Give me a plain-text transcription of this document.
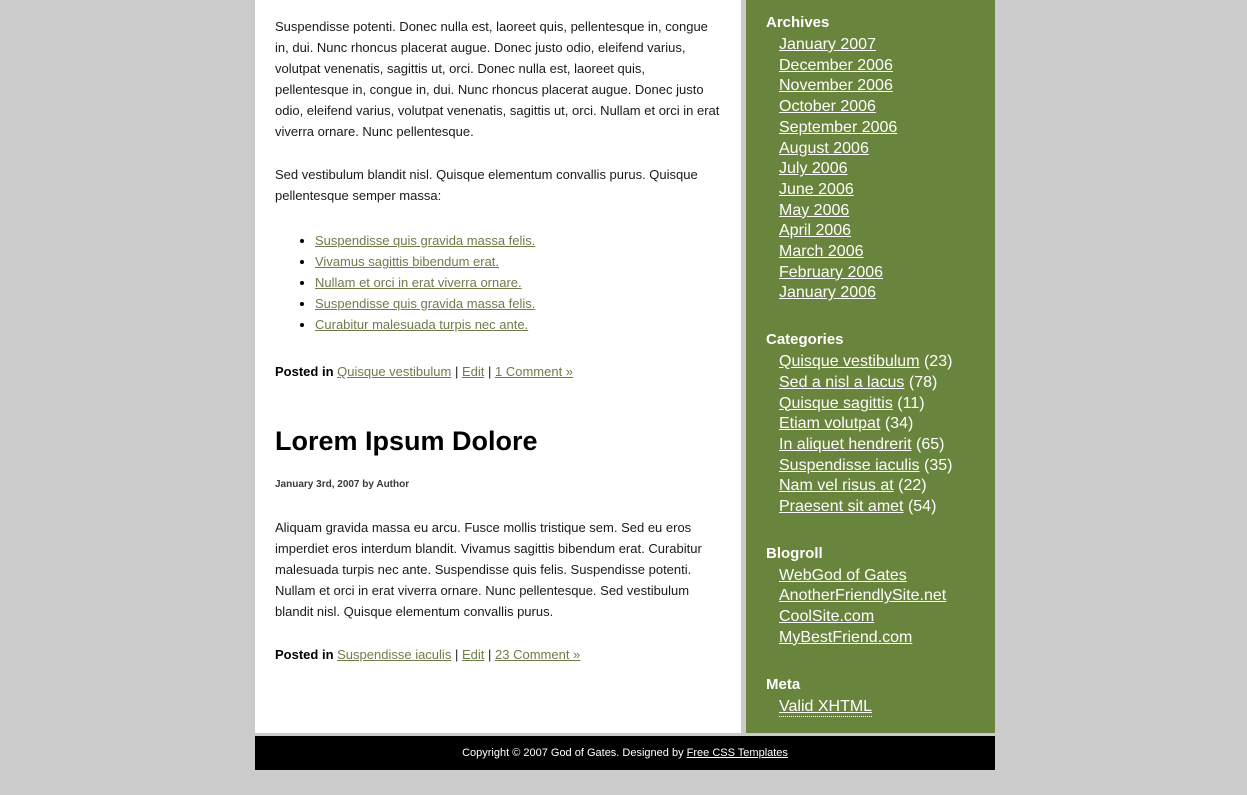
Suspendisse potenti. Donec nulla est, laoreet quis, pellentesque in, congue in, dui. Nunc rhoncus placerat augue. Donec justo odio, eleifend varius, volutpat venenatis, sagittis ut, orci. Donec nulla est, laoreet quis, pellentesque in, congue in, dui. Nunc rhoncus placerat augue. Donec justo odio, eleifend varius, volutpat venenatis, sagittis ut, orci. Nullam et orci in erat viverra ornare. Nunc pellentesque.

Sed vestibulum blandit nisl. Quisque elementum convallis purus. Quisque pellentesque semper massa:

• Suspendisse quis gravida massa felis.
• Vivamus sagittis bibendum erat.
• Nullam et orci in erat viverra ornare.
• Suspendisse quis gravida massa felis.
• Curabitur malesuada turpis nec ante.

Posted in Quisque vestibulum | Edit | 1 Comment »

Lorem Ipsum Dolore
January 3rd, 2007 by Author

Aliquam gravida massa eu arcu. Fusce mollis tristique sem. Sed eu eros imperdiet eros interdum blandit. Vivamus sagittis bibendum erat. Curabitur malesuada turpis nec ante. Suspendisse quis felis. Suspendisse potenti. Nullam et orci in erat viverra ornare. Nunc pellentesque. Sed vestibulum blandit nisl. Quisque elementum convallis purus.

Posted in Suspendisse iaculis | Edit | 23 Comment »

Archives
January 2007
December 2006
November 2006
October 2006
September 2006
August 2006
July 2006
June 2006
May 2006
April 2006
March 2006
February 2006
January 2006
Categories
Quisque vestibulum (23)
Sed a nisl a lacus (78)
Quisque sagittis (11)
Etiam volutpat (34)
In aliquet hendrerit (65)
Suspendisse iaculis (35)
Nam vel risus at (22)
Praesent sit amet (54)
Blogroll
WebGod of Gates
AnotherFriendlySite.net
CoolSite.com
MyBestFriend.com
Meta
Valid XHTML
Copyright © 2007 God of Gates. Designed by Free CSS Templates
